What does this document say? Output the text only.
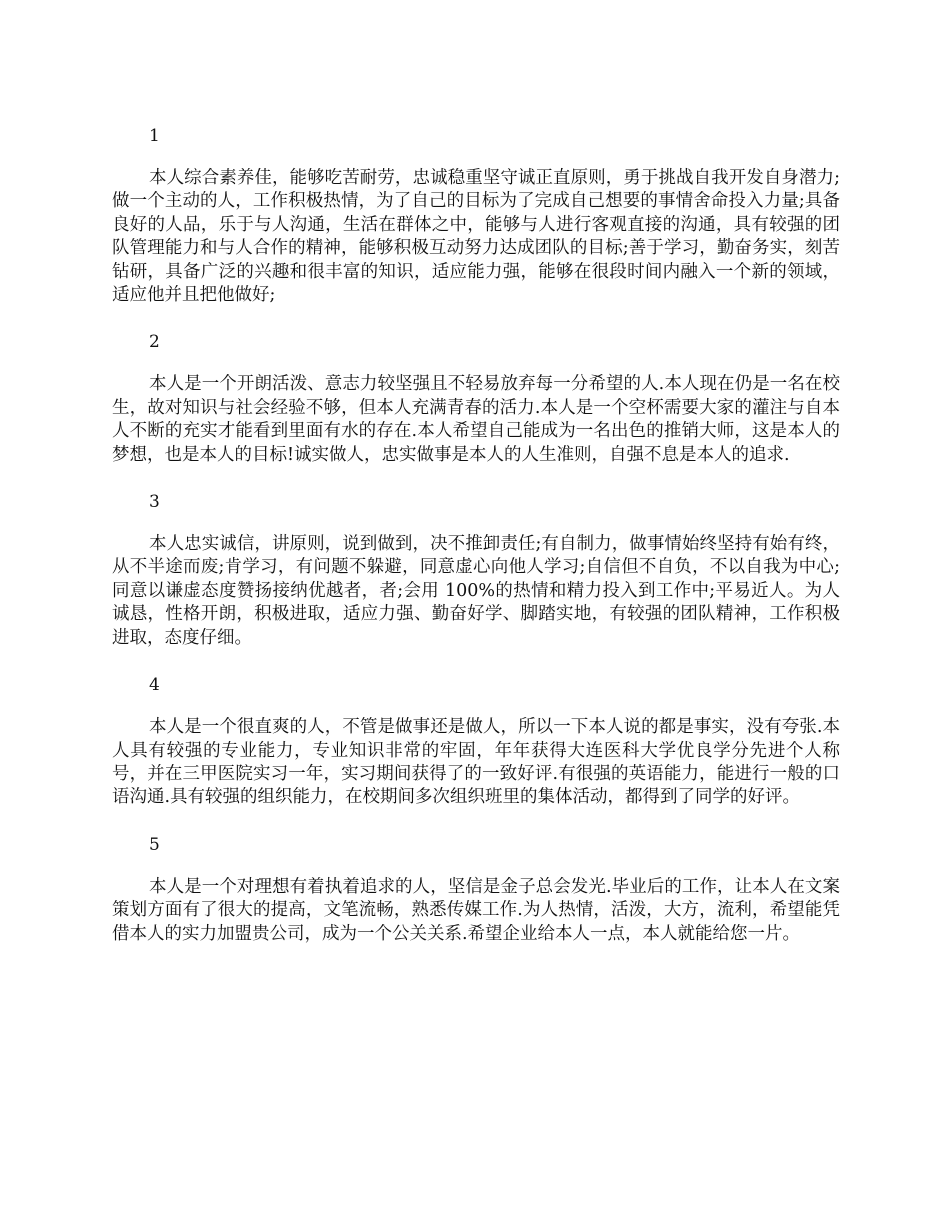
1

本人综合素养佳，能够吃苦耐劳，忠诚稳重坚守诚正直原则，勇于挑战自我开发自身潜力;做一个主动的人，工作积极热情，为了自己的目标为了完成自己想要的事情舍命投入力量;具备良好的人品，乐于与人沟通，生活在群体之中，能够与人进行客观直接的沟通，具有较强的团队管理能力和与人合作的精神，能够积极互动努力达成团队的目标;善于学习，勤奋务实，刻苦钻研，具备广泛的兴趣和很丰富的知识，适应能力强，能够在很段时间内融入一个新的领域，适应他并且把他做好;

2

本人是一个开朗活泼、意志力较坚强且不轻易放弃每一分希望的人.本人现在仍是一名在校生，故对知识与社会经验不够，但本人充满青春的活力.本人是一个空杯需要大家的灌注与自本人不断的充实才能看到里面有水的存在.本人希望自己能成为一名出色的推销大师，这是本人的梦想，也是本人的目标!诚实做人，忠实做事是本人的人生准则，自强不息是本人的追求.

3

本人忠实诚信，讲原则，说到做到，决不推卸责任;有自制力，做事情始终坚持有始有终，从不半途而废;肯学习，有问题不躲避，同意虚心向他人学习;自信但不自负，不以自我为中心;同意以谦虚态度赞扬接纳优越者，者;会用 100%的热情和精力投入到工作中;平易近人。为人诚恳，性格开朗，积极进取，适应力强、勤奋好学、脚踏实地，有较强的团队精神，工作积极进取，态度仔细。

4

本人是一个很直爽的人，不管是做事还是做人，所以一下本人说的都是事实，没有夸张.本人具有较强的专业能力，专业知识非常的牢固，年年获得大连医科大学优良学分先进个人称号，并在三甲医院实习一年，实习期间获得了的一致好评.有很强的英语能力，能进行一般的口语沟通.具有较强的组织能力，在校期间多次组织班里的集体活动，都得到了同学的好评。

5

本人是一个对理想有着执着追求的人，坚信是金子总会发光.毕业后的工作，让本人在文案策划方面有了很大的提高，文笔流畅，熟悉传媒工作.为人热情，活泼，大方，流利，希望能凭借本人的实力加盟贵公司，成为一个公关关系.希望企业给本人一点，本人就能给您一片。
